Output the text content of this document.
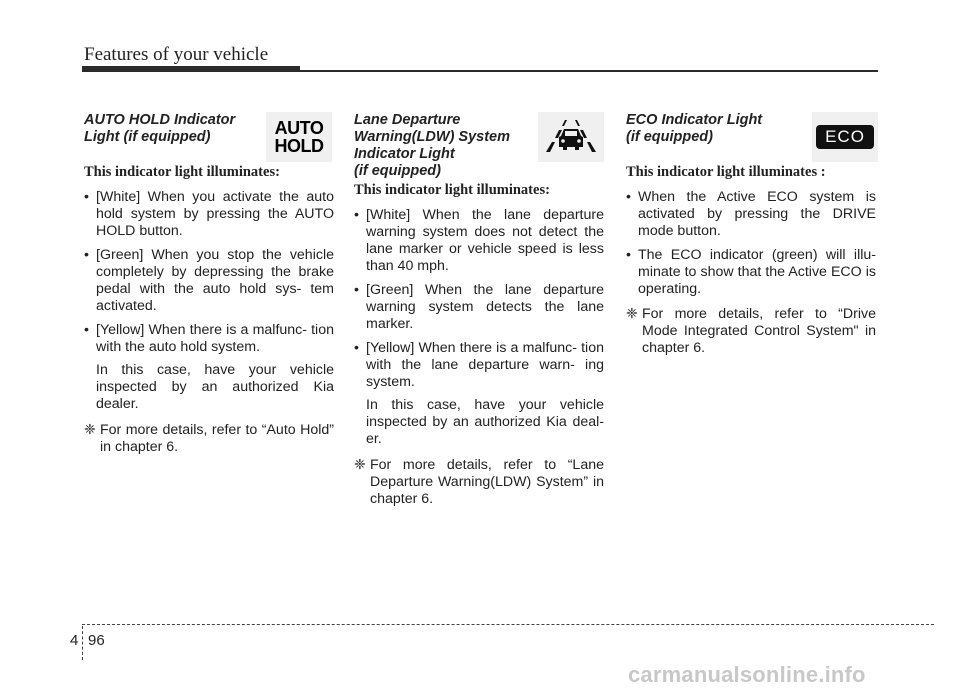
Features of your vehicle
AUTO HOLD Indicator
Light (if equipped)
This indicator light illuminates:
• [White] When you activate the auto hold system by pressing the AUTO HOLD button.
• [Green] When you stop the vehicle completely by depressing the brake pedal with the auto hold sys- tem activated.
• [Yellow] When there is a malfunc- tion with the auto hold system.
In this case, have your vehicle inspected by an authorized Kia dealer.
❈ For more details, refer to “Auto Hold” in chapter 6.
AUTO
HOLD
Lane Departure
Warning(LDW) System
Indicator Light
(if equipped)
This indicator light illuminates:
• [White] When the lane departure warning system does not detect the lane marker or vehicle speed is less than 40 mph.
• [Green] When the lane departure warning system detects the lane marker.
• [Yellow] When there is a malfunc- tion with the lane departure warn- ing system.
In this case, have your vehicle inspected by an authorized Kia deal- er.
❈ For more details, refer to “Lane Departure Warning(LDW) System” in chapter 6.
ECO Indicator Light
(if equipped)
This indicator light illuminates :
• When the Active ECO system is activated by pressing the DRIVE mode button.
• The ECO indicator (green) will illu- minate to show that the Active ECO is operating.
❈ For more details, refer to “Drive Mode Integrated Control System" in chapter 6.
ECO
4 96
carmanualsonline.info
